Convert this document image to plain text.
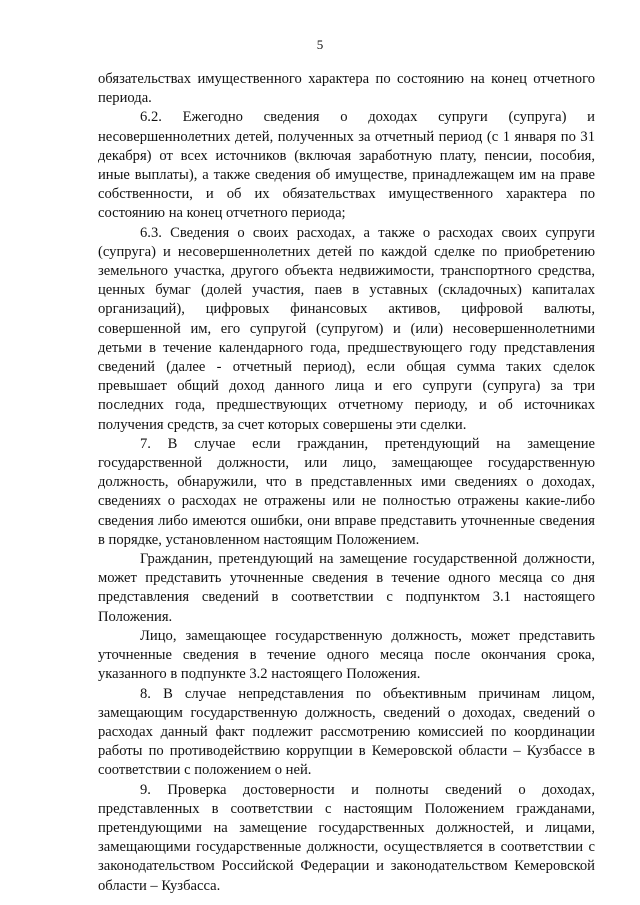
5

обязательствах имущественного характера по состоянию на конец отчетного периода.

6.2. Ежегодно сведения о доходах супруги (супруга) и несовершеннолетних детей, полученных за отчетный период (с 1 января по 31 декабря) от всех источников (включая заработную плату, пенсии, пособия, иные выплаты), а также сведения об имуществе, принадлежащем им на праве собственности, и об их обязательствах имущественного характера по состоянию на конец отчетного периода;

6.3. Сведения о своих расходах, а также о расходах своих супруги (супруга) и несовершеннолетних детей по каждой сделке по приобретению земельного участка, другого объекта недвижимости, транспортного средства, ценных бумаг (долей участия, паев в уставных (складочных) капиталах организаций), цифровых финансовых активов, цифровой валюты, совершенной им, его супругой (супругом) и (или) несовершеннолетними детьми в течение календарного года, предшествующего году представления сведений (далее - отчетный период), если общая сумма таких сделок превышает общий доход данного лица и его супруги (супруга) за три последних года, предшествующих отчетному периоду, и об источниках получения средств, за счет которых совершены эти сделки.

7. В случае если гражданин, претендующий на замещение государственной должности, или лицо, замещающее государственную должность, обнаружили, что в представленных ими сведениях о доходах, сведениях о расходах не отражены или не полностью отражены какие-либо сведения либо имеются ошибки, они вправе представить уточненные сведения в порядке, установленном настоящим Положением.

Гражданин, претендующий на замещение государственной должности, может представить уточненные сведения в течение одного месяца со дня представления сведений в соответствии с подпунктом 3.1 настоящего Положения.

Лицо, замещающее государственную должность, может представить уточненные сведения в течение одного месяца после окончания срока, указанного в подпункте 3.2 настоящего Положения.

8. В случае непредставления по объективным причинам лицом, замещающим государственную должность, сведений о доходах, сведений о расходах данный факт подлежит рассмотрению комиссией по координации работы по противодействию коррупции в Кемеровской области – Кузбассе в соответствии с положением о ней.

9. Проверка достоверности и полноты сведений о доходах, представленных в соответствии с настоящим Положением гражданами, претендующими на замещение государственных должностей, и лицами, замещающими государственные должности, осуществляется в соответствии с законодательством Российской Федерации и законодательством Кемеровской области – Кузбасса.
